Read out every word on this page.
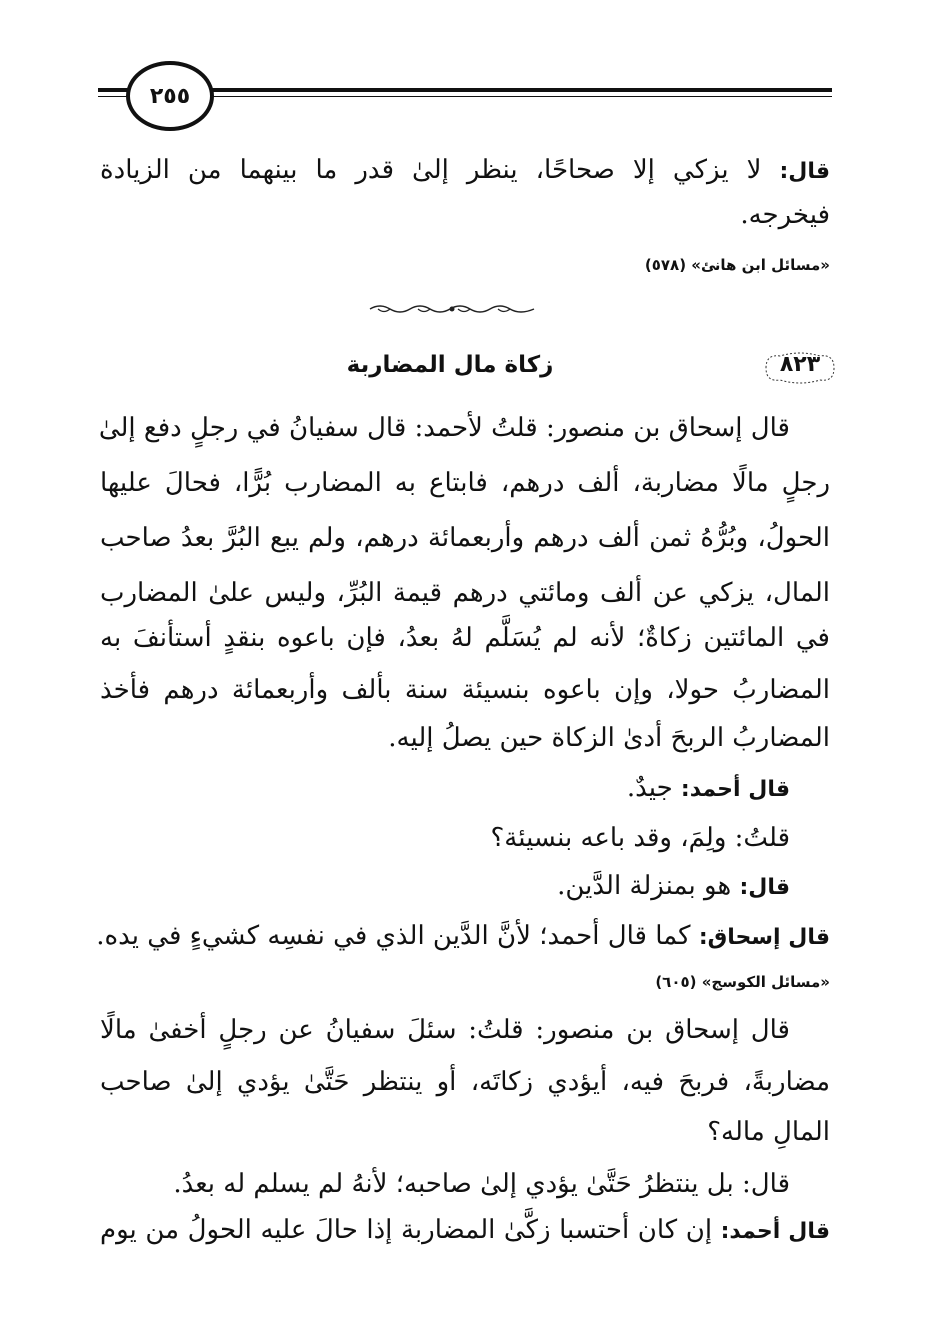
٢٥٥
قال: لا يزكي إلا صحاحًا، ينظر إلىٰ قدر ما بينهما من الزيادة
فيخرجه.
«مسائل ابن هانئ» (٥٧٨)
٨٢٣
زكاة مال المضاربة
قال إسحاق بن منصور: قلتُ لأحمد: قال سفيانُ في رجلٍ دفع إلىٰ
رجلٍ مالًا مضاربة، ألف درهم، فابتاع به المضارب بُرًّا، فحالَ عليها
الحولُ، وبُرُّهُ ثمن ألف درهم وأربعمائة درهم، ولم يبع البُرَّ بعدُ صاحب
المال، يزكي عن ألف ومائتي درهم قيمة البُرِّ، وليس علىٰ المضارب
في المائتين زكاةٌ؛ لأنه لم يُسَلَّم لهُ بعدُ، فإن باعوه بنقدٍ أستأنفَ به
المضاربُ حولا، وإن باعوه بنسيئة سنة بألف وأربعمائة درهم فأخذ
المضاربُ الربحَ أدىٰ الزكاة حين يصلُ إليه.
قال أحمد: جيدٌ.
قلتُ: ولِمَ، وقد باعه بنسيئة؟
قال: هو بمنزلة الدَّين.
قال إسحاق: كما قال أحمد؛ لأنَّ الدَّين الذي في نفسِه كشيءٍ في يده.
«مسائل الكوسج» (٦٠٥)
قال إسحاق بن منصور: قلتُ: سئلَ سفيانُ عن رجلٍ أخفىٰ مالًا
مضاربةً، فربحَ فيه، أيؤدي زكاتَه، أو ينتظر حَتَّىٰ يؤدي إلىٰ صاحب
المالِ ماله؟
قال: بل ينتظرُ حَتَّىٰ يؤدي إلىٰ صاحبه؛ لأنهُ لم يسلم له بعدُ.
قال أحمد: إن كان أحتسبا زكَّىٰ المضاربة إذا حالَ عليه الحولُ من يوم
